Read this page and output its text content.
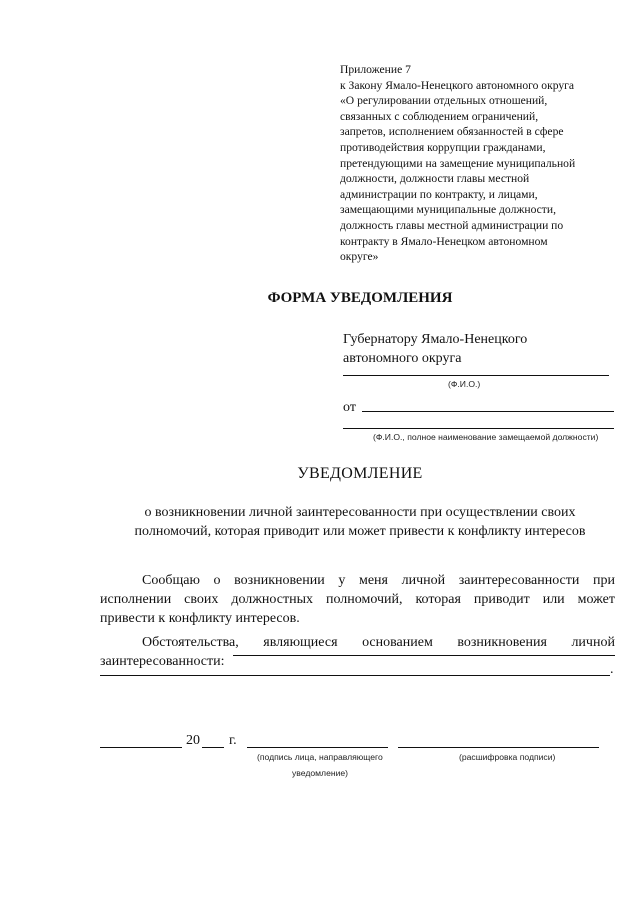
Приложение 7
к Закону Ямало-Ненецкого автономного округа
«О регулировании отдельных отношений,
связанных с соблюдением ограничений,
запретов, исполнением обязанностей в сфере
противодействия коррупции гражданами,
претендующими на замещение муниципальной
должности, должности главы местной
администрации по контракту, и лицами,
замещающими муниципальные должности,
должность главы местной администрации по
контракту в Ямало-Ненецком автономном
округе»
ФОРМА УВЕДОМЛЕНИЯ
Губернатору Ямало-Ненецкого
автономного округа
(Ф.И.О.)
от
(Ф.И.О., полное наименование замещаемой должности)
УВЕДОМЛЕНИЕ
о возникновении личной заинтересованности при осуществлении своих
полномочий, которая приводит или может привести к конфликту интересов
Сообщаю о возникновении у меня личной заинтересованности при
исполнении своих должностных полномочий, которая приводит или может
привести к конфликту интересов.
Обстоятельства, являющиеся основанием возникновения личной
заинтересованности:
.
20 г.
(подпись лица, направляющего
уведомление)
(расшифровка подписи)
